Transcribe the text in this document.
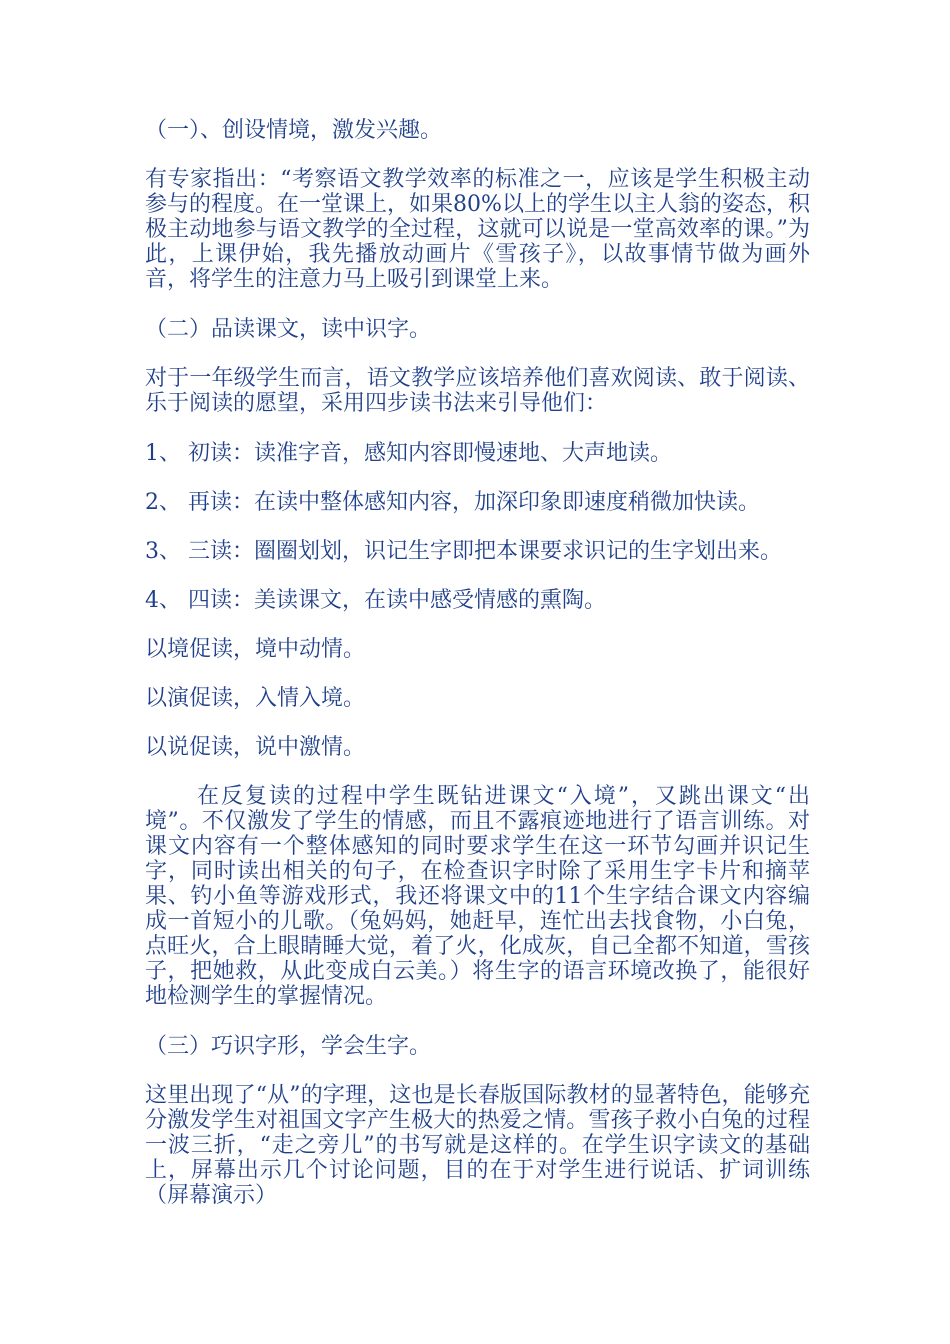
（一）、创设情境，激发兴趣。

有专家指出：“考察语文教学效率的标准之一，应该是学生积极主动参与的程度。在一堂课上，如果80%以上的学生以主人翁的姿态，积极主动地参与语文教学的全过程，这就可以说是一堂高效率的课。”为此，上课伊始，我先播放动画片《雪孩子》，以故事情节做为画外音，将学生的注意力马上吸引到课堂上来。

（二）品读课文，读中识字。

对于一年级学生而言，语文教学应该培养他们喜欢阅读、敢于阅读、乐于阅读的愿望，采用四步读书法来引导他们：

1、 初读：读准字音，感知内容即慢速地、大声地读。

2、 再读：在读中整体感知内容，加深印象即速度稍微加快读。

3、 三读：圈圈划划，识记生字即把本课要求识记的生字划出来。

4、 四读：美读课文，在读中感受情感的熏陶。

以境促读，境中动情。

以演促读，入情入境。

以说促读，说中激情。

在反复读的过程中学生既钻进课文“入境”，又跳出课文“出境”。不仅激发了学生的情感，而且不露痕迹地进行了语言训练。对课文内容有一个整体感知的同时要求学生在这一环节勾画并识记生字，同时读出相关的句子，在检查识字时除了采用生字卡片和摘苹果、钓小鱼等游戏形式，我还将课文中的11个生字结合课文内容编成一首短小的儿歌。（兔妈妈，她赶早，连忙出去找食物，小白兔，点旺火，合上眼睛睡大觉，着了火，化成灰，自己全都不知道，雪孩子，把她救，从此变成白云美。）将生字的语言环境改换了，能很好地检测学生的掌握情况。

（三）巧识字形，学会生字。

这里出现了“从”的字理，这也是长春版国际教材的显著特色，能够充分激发学生对祖国文字产生极大的热爱之情。雪孩子救小白兔的过程一波三折，“走之旁儿”的书写就是这样的。在学生识字读文的基础上，屏幕出示几个讨论问题，目的在于对学生进行说话、扩词训练（屏幕演示）
